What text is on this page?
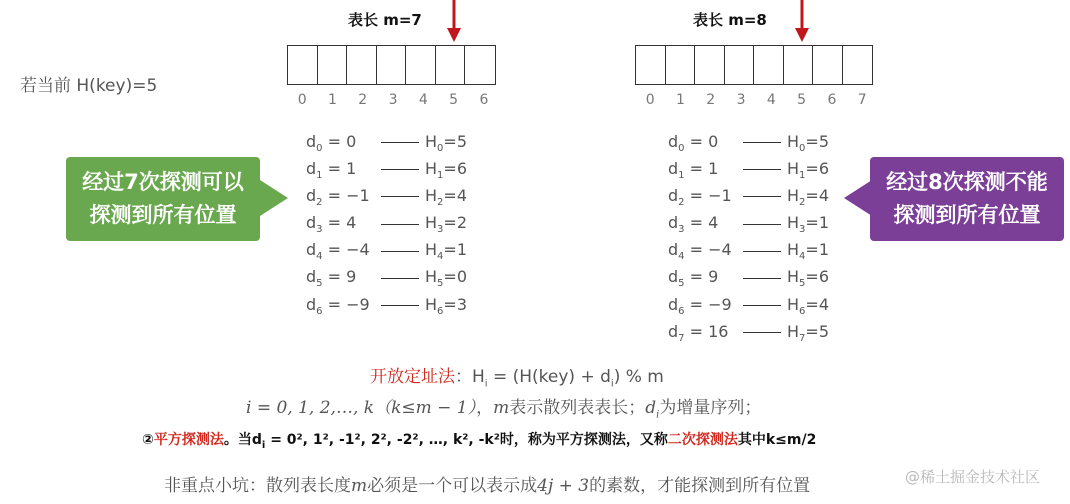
表长 m=7
0	1	2	3	4	5	6
若当前 H(key)=5
$d_0 = 0$	$H_0=5$
$d_1 = 1$	$H_1=6$
$d_2 = -1$	$H_2=4$
$d_3 = 4$	$H_3=2$
$d_4 = -4$	$H_4=1$
$d_5 = 9$	$H_5=0$
$d_6 = -9$	$H_6=3$
表长 m=8
0	1	2	3	4	5	6	7
$d_0 = 0$	$H_0=5$
$d_1 = 1$	$H_1=6$
$d_2 = -1$	$H_2=4$
$d_3 = 4$	$H_3=1$
$d_4 = -4$	$H_4=1$
$d_5 = 9$	$H_5=6$
$d_6 = -9$	$H_6=4$
$d_7 = 16$	$H_7=5$
经过7次探测可以
探测到所有位置
经过8次探测不能
探测到所有位置
开放定址法：$H_i = (H(key) + d_i)$ % m
i = 0, 1, 2,…, k（k≤m − 1），m表示散列表表长；$d_i$为增量序列；
②平方探测法。当$d_i = 0^2$, 1², -1², 2², -2², …, k², -k²时，称为平方探测法，又称二次探测法其中k≤m/2
非重点小坑：散列表长度m必须是一个可以表示成4j + 3的素数，才能探测到所有位置	@稀土掘金技术社区
